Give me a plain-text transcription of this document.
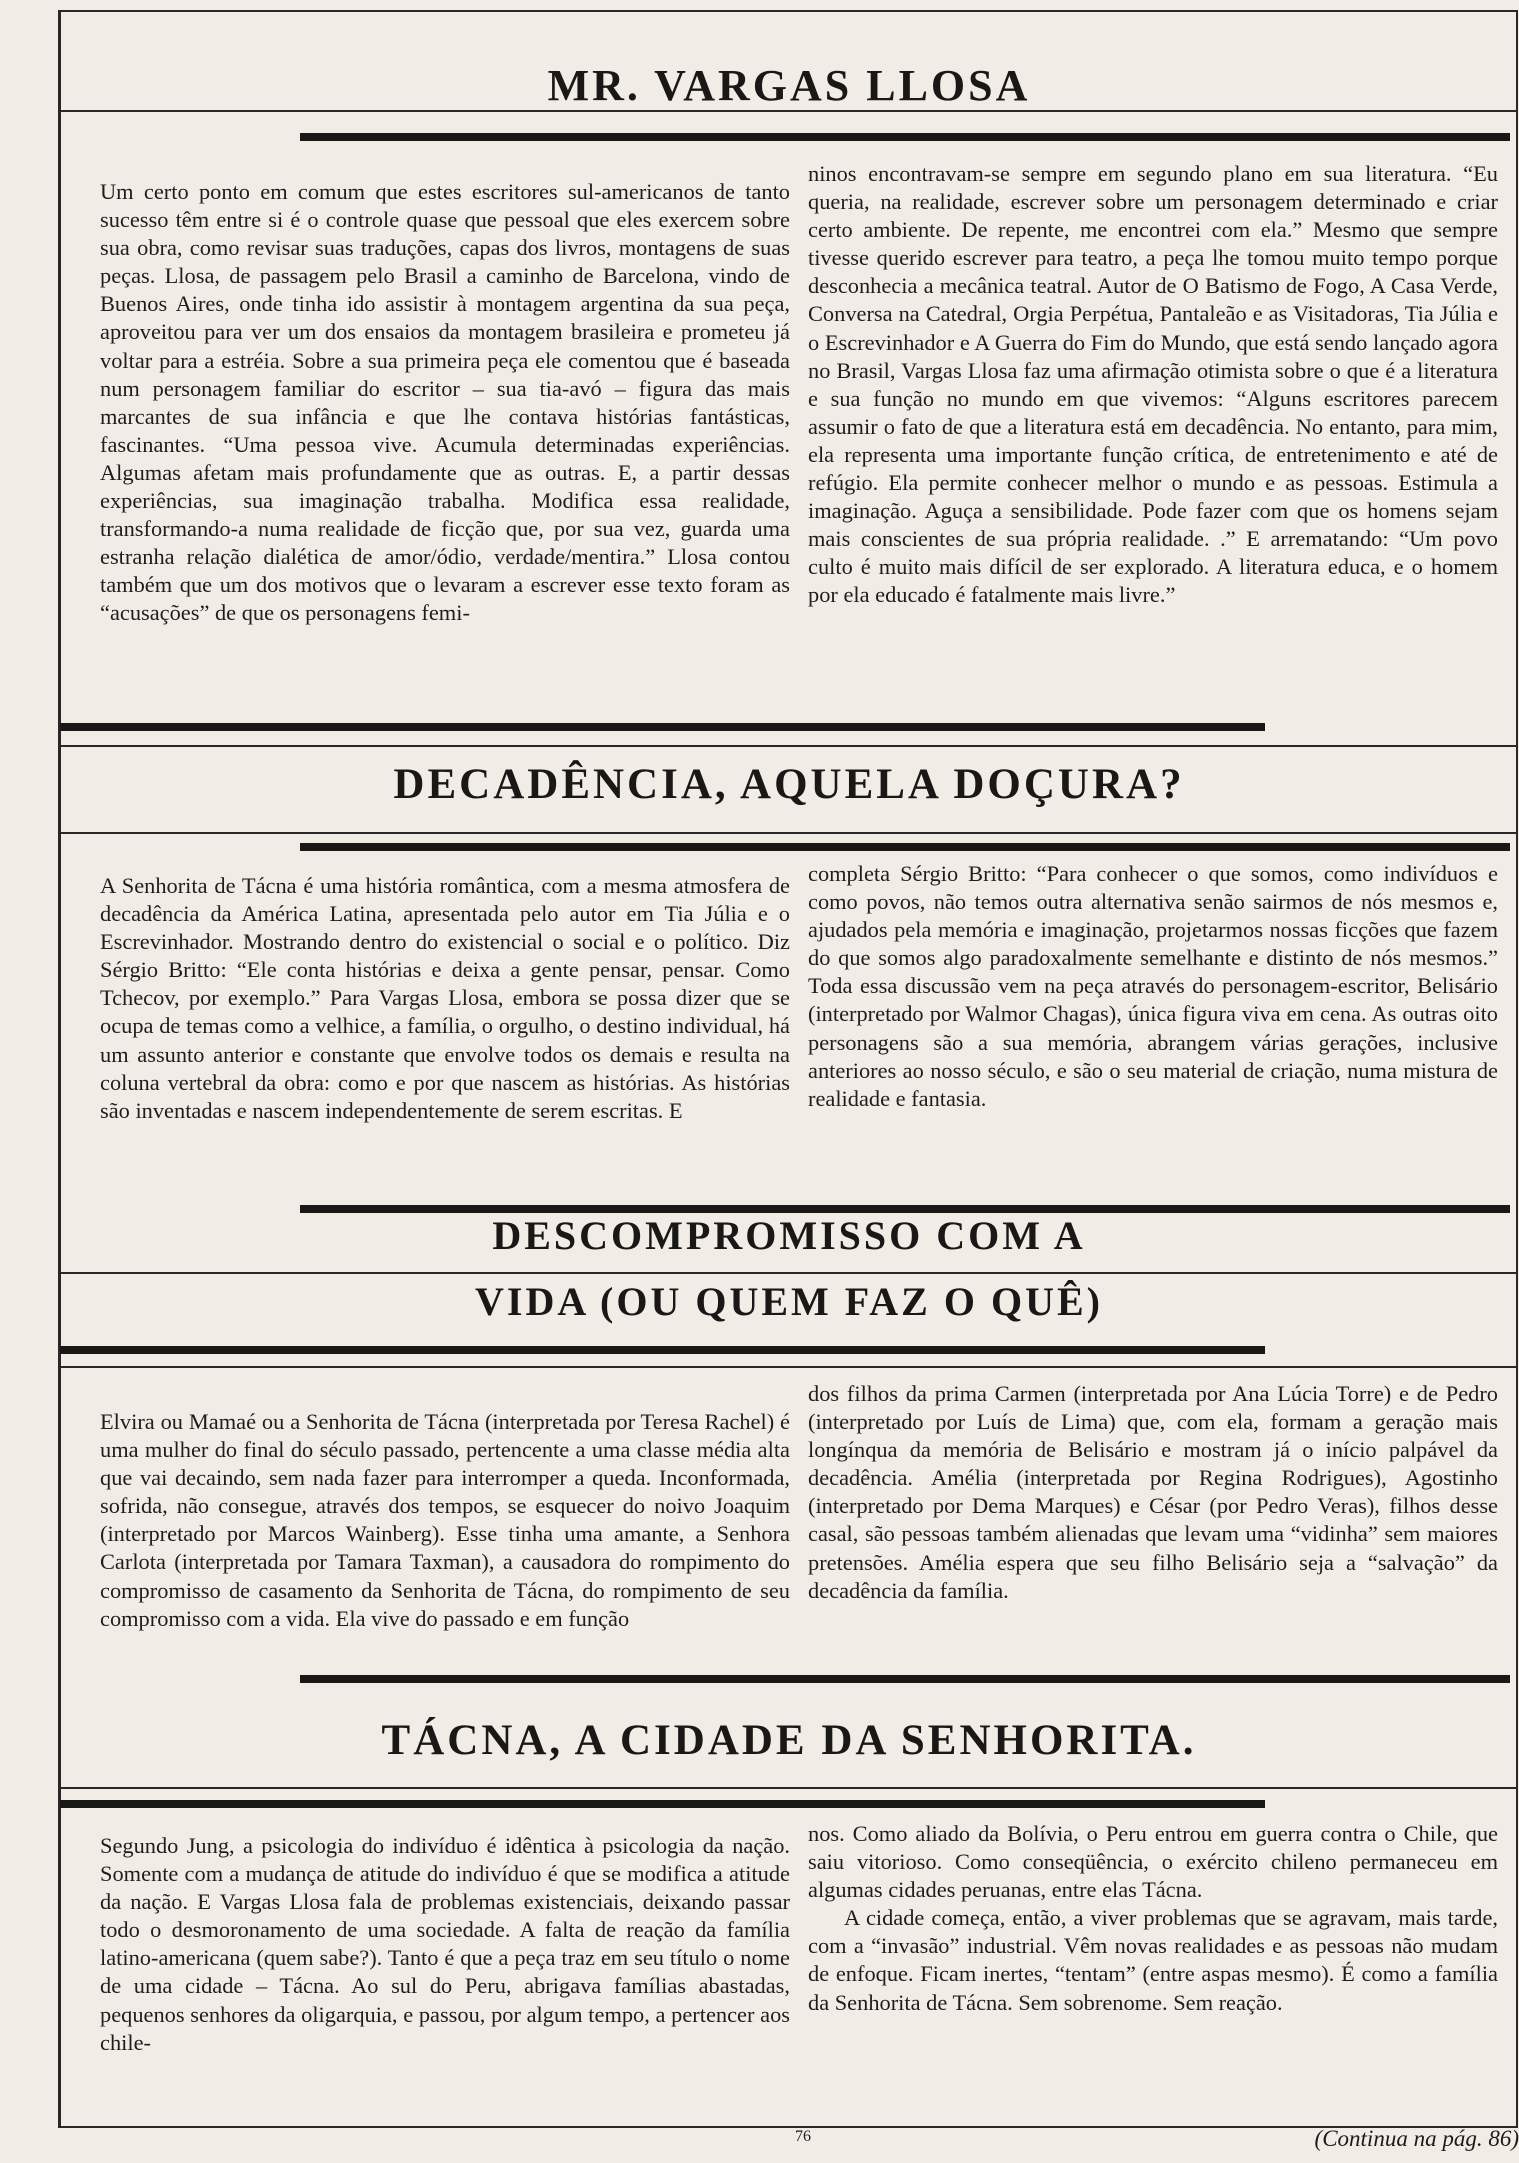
MR. VARGAS LLOSA

Um certo ponto em comum que estes escritores sul-americanos de tanto sucesso têm entre si é o controle quase que pessoal que eles exercem sobre sua obra, como revisar suas traduções, capas dos livros, montagens de suas peças. Llosa, de passagem pelo Brasil a caminho de Barcelona, vindo de Buenos Aires, onde tinha ido assistir à montagem argentina da sua peça, aproveitou para ver um dos ensaios da montagem brasileira e prometeu já voltar para a estréia. Sobre a sua primeira peça ele comentou que é baseada num personagem familiar do escritor – sua tia-avó – figura das mais marcantes de sua infância e que lhe contava histórias fantásticas, fascinantes. “Uma pessoa vive. Acumula determinadas experiências. Algumas afetam mais profundamente que as outras. E, a partir dessas experiências, sua imaginação trabalha. Modifica essa realidade, transformando-a numa realidade de ficção que, por sua vez, guarda uma estranha relação dialética de amor/ódio, verdade/mentira.” Llosa contou também que um dos motivos que o levaram a escrever esse texto foram as “acusações” de que os personagens femi-

ninos encontravam-se sempre em segundo plano em sua literatura. “Eu queria, na realidade, escrever sobre um personagem determinado e criar certo ambiente. De repente, me encontrei com ela.” Mesmo que sempre tivesse querido escrever para teatro, a peça lhe tomou muito tempo porque desconhecia a mecânica teatral. Autor de O Batismo de Fogo, A Casa Verde, Conversa na Catedral, Orgia Perpétua, Pantaleão e as Visitadoras, Tia Júlia e o Escrevinhador e A Guerra do Fim do Mundo, que está sendo lançado agora no Brasil, Vargas Llosa faz uma afirmação otimista sobre o que é a literatura e sua função no mundo em que vivemos: “Alguns escritores parecem assumir o fato de que a literatura está em decadência. No entanto, para mim, ela representa uma importante função crítica, de entretenimento e até de refúgio. Ela permite conhecer melhor o mundo e as pessoas. Estimula a imaginação. Aguça a sensibilidade. Pode fazer com que os homens sejam mais conscientes de sua própria realidade. .” E arrematando: “Um povo culto é muito mais difícil de ser explorado. A literatura educa, e o homem por ela educado é fatalmente mais livre.”

DECADÊNCIA, AQUELA DOÇURA?

A Senhorita de Tácna é uma história romântica, com a mesma atmosfera de decadência da América Latina, apresentada pelo autor em Tia Júlia e o Escrevinhador. Mostrando dentro do existencial o social e o político. Diz Sérgio Britto: “Ele conta histórias e deixa a gente pensar, pensar. Como Tchecov, por exemplo.” Para Vargas Llosa, embora se possa dizer que se ocupa de temas como a velhice, a família, o orgulho, o destino individual, há um assunto anterior e constante que envolve todos os demais e resulta na coluna vertebral da obra: como e por que nascem as histórias. As histórias são inventadas e nascem independentemente de serem escritas. E

completa Sérgio Britto: “Para conhecer o que somos, como indivíduos e como povos, não temos outra alternativa senão sairmos de nós mesmos e, ajudados pela memória e imaginação, projetarmos nossas ficções que fazem do que somos algo paradoxalmente semelhante e distinto de nós mesmos.” Toda essa discussão vem na peça através do personagem-escritor, Belisário (interpretado por Walmor Chagas), única figura viva em cena. As outras oito personagens são a sua memória, abrangem várias gerações, inclusive anteriores ao nosso século, e são o seu material de criação, numa mistura de realidade e fantasia.

DESCOMPROMISSO COM A
VIDA (OU QUEM FAZ O QUÊ)

Elvira ou Mamaé ou a Senhorita de Tácna (interpretada por Teresa Rachel) é uma mulher do final do século passado, pertencente a uma classe média alta que vai decaindo, sem nada fazer para interromper a queda. Inconformada, sofrida, não consegue, através dos tempos, se esquecer do noivo Joaquim (interpretado por Marcos Wainberg). Esse tinha uma amante, a Senhora Carlota (interpretada por Tamara Taxman), a causadora do rompimento do compromisso de casamento da Senhorita de Tácna, do rompimento de seu compromisso com a vida. Ela vive do passado e em função

dos filhos da prima Carmen (interpretada por Ana Lúcia Torre) e de Pedro (interpretado por Luís de Lima) que, com ela, formam a geração mais longínqua da memória de Belisário e mostram já o início palpável da decadência. Amélia (interpretada por Regina Rodrigues), Agostinho (interpretado por Dema Marques) e César (por Pedro Veras), filhos desse casal, são pessoas também alienadas que levam uma “vidinha” sem maiores pretensões. Amélia espera que seu filho Belisário seja a “salvação” da decadência da família.

TÁCNA, A CIDADE DA SENHORITA.

Segundo Jung, a psicologia do indivíduo é idêntica à psicologia da nação. Somente com a mudança de atitude do indivíduo é que se modifica a atitude da nação. E Vargas Llosa fala de problemas existenciais, deixando passar todo o desmoronamento de uma sociedade. A falta de reação da família latino-americana (quem sabe?). Tanto é que a peça traz em seu título o nome de uma cidade – Tácna. Ao sul do Peru, abrigava famílias abastadas, pequenos senhores da oligarquia, e passou, por algum tempo, a pertencer aos chile-

nos. Como aliado da Bolívia, o Peru entrou em guerra contra o Chile, que saiu vitorioso. Como conseqüência, o exército chileno permaneceu em algumas cidades peruanas, entre elas Tácna.

A cidade começa, então, a viver problemas que se agravam, mais tarde, com a “invasão” industrial. Vêm novas realidades e as pessoas não mudam de enfoque. Ficam inertes, “tentam” (entre aspas mesmo). É como a família da Senhorita de Tácna. Sem sobrenome. Sem reação.

76	(Continua na pág. 86)
